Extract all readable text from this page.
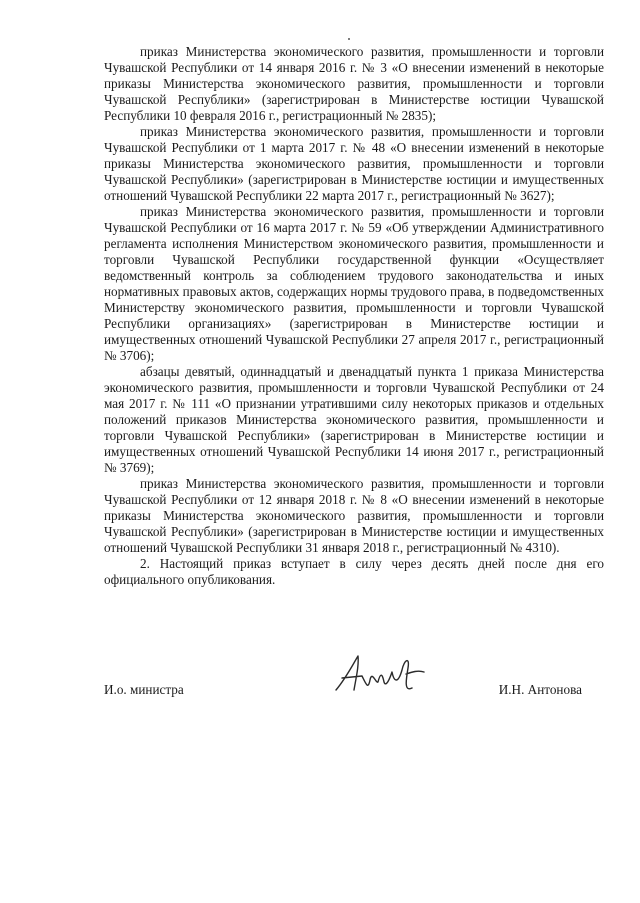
приказ Министерства экономического развития, промышленности и торговли Чувашской Республики от 14 января 2016 г. № 3 «О внесении изменений в некоторые приказы Министерства экономического развития, промышленности и торговли Чувашской Республики» (зарегистрирован в Министерстве юстиции Чувашской Республики 10 февраля 2016 г., регистрационный № 2835);

приказ Министерства экономического развития, промышленности и торговли Чувашской Республики от 1 марта 2017 г. № 48 «О внесении изменений в некоторые приказы Министерства экономического развития, промышленности и торговли Чувашской Республики» (зарегистрирован в Министерстве юстиции и имущественных отношений Чувашской Республики 22 марта 2017 г., регистрационный № 3627);

приказ Министерства экономического развития, промышленности и торговли Чувашской Республики от 16 марта 2017 г. № 59 «Об утверждении Административного регламента исполнения Министерством экономического развития, промышленности и торговли Чувашской Республики государственной функции «Осуществляет ведомственный контроль за соблюдением трудового законодательства и иных нормативных правовых актов, содержащих нормы трудового права, в подведомственных Министерству экономического развития, промышленности и торговли Чувашской Республики организациях» (зарегистрирован в Министерстве юстиции и имущественных отношений Чувашской Республики 27 апреля 2017 г., регистрационный № 3706);

абзацы девятый, одиннадцатый и двенадцатый пункта 1 приказа Министерства экономического развития, промышленности и торговли Чувашской Республики от 24 мая 2017 г. № 111 «О признании утратившими силу некоторых приказов и отдельных положений приказов Министерства экономического развития, промышленности и торговли Чувашской Республики» (зарегистрирован в Министерстве юстиции и имущественных отношений Чувашской Республики 14 июня 2017 г., регистрационный № 3769);

приказ Министерства экономического развития, промышленности и торговли Чувашской Республики от 12 января 2018 г. № 8 «О внесении изменений в некоторые приказы Министерства экономического развития, промышленности и торговли Чувашской Республики» (зарегистрирован в Министерстве юстиции и имущественных отношений Чувашской Республики 31 января 2018 г., регистрационный № 4310).

2. Настоящий приказ вступает в силу через десять дней после дня его официального опубликования.

И.о. министра	И.Н. Антонова
